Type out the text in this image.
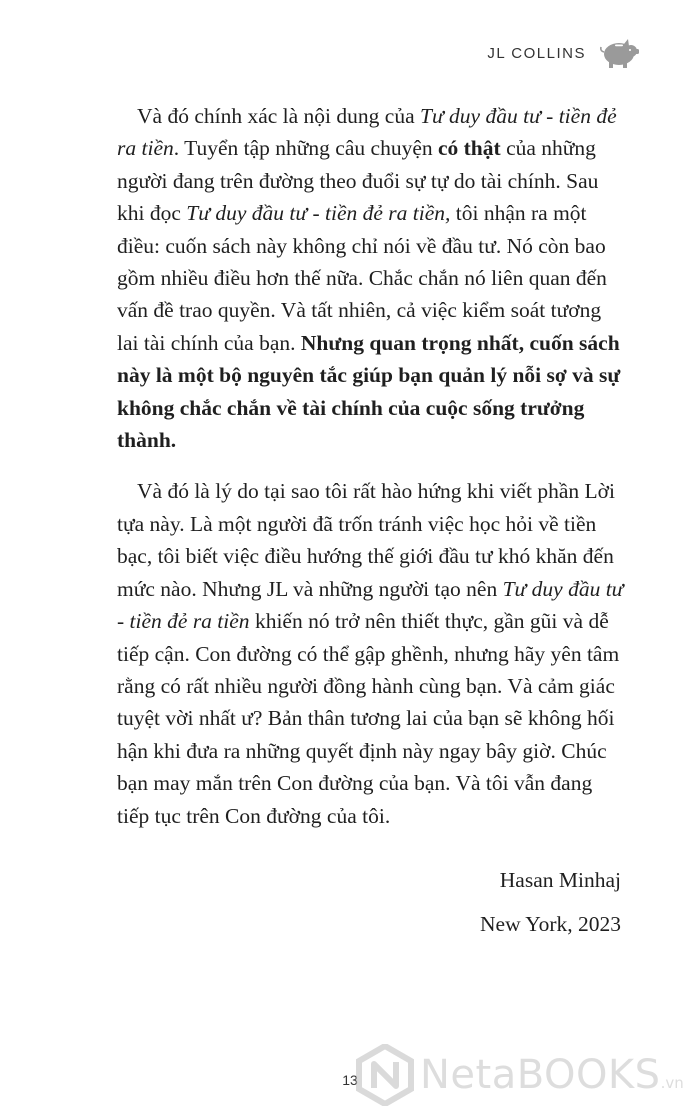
JL COLLINS

Và đó chính xác là nội dung của Tư duy đầu tư - tiền đẻ ra tiền. Tuyển tập những câu chuyện có thật của những người đang trên đường theo đuổi sự tự do tài chính. Sau khi đọc Tư duy đầu tư - tiền đẻ ra tiền, tôi nhận ra một điều: cuốn sách này không chỉ nói về đầu tư. Nó còn bao gồm nhiều điều hơn thế nữa. Chắc chắn nó liên quan đến vấn đề trao quyền. Và tất nhiên, cả việc kiểm soát tương lai tài chính của bạn. Nhưng quan trọng nhất, cuốn sách này là một bộ nguyên tắc giúp bạn quản lý nỗi sợ và sự không chắc chắn về tài chính của cuộc sống trưởng thành.

Và đó là lý do tại sao tôi rất hào hứng khi viết phần Lời tựa này. Là một người đã trốn tránh việc học hỏi về tiền bạc, tôi biết việc điều hướng thế giới đầu tư khó khăn đến mức nào. Nhưng JL và những người tạo nên Tư duy đầu tư - tiền đẻ ra tiền khiến nó trở nên thiết thực, gần gũi và dễ tiếp cận. Con đường có thể gập ghềnh, nhưng hãy yên tâm rằng có rất nhiều người đồng hành cùng bạn. Và cảm giác tuyệt vời nhất ư? Bản thân tương lai của bạn sẽ không hối hận khi đưa ra những quyết định này ngay bây giờ. Chúc bạn may mắn trên Con đường của bạn. Và tôi vẫn đang tiếp tục trên Con đường của tôi.

Hasan Minhaj
New York, 2023
13 NetaBOOKS.vn
